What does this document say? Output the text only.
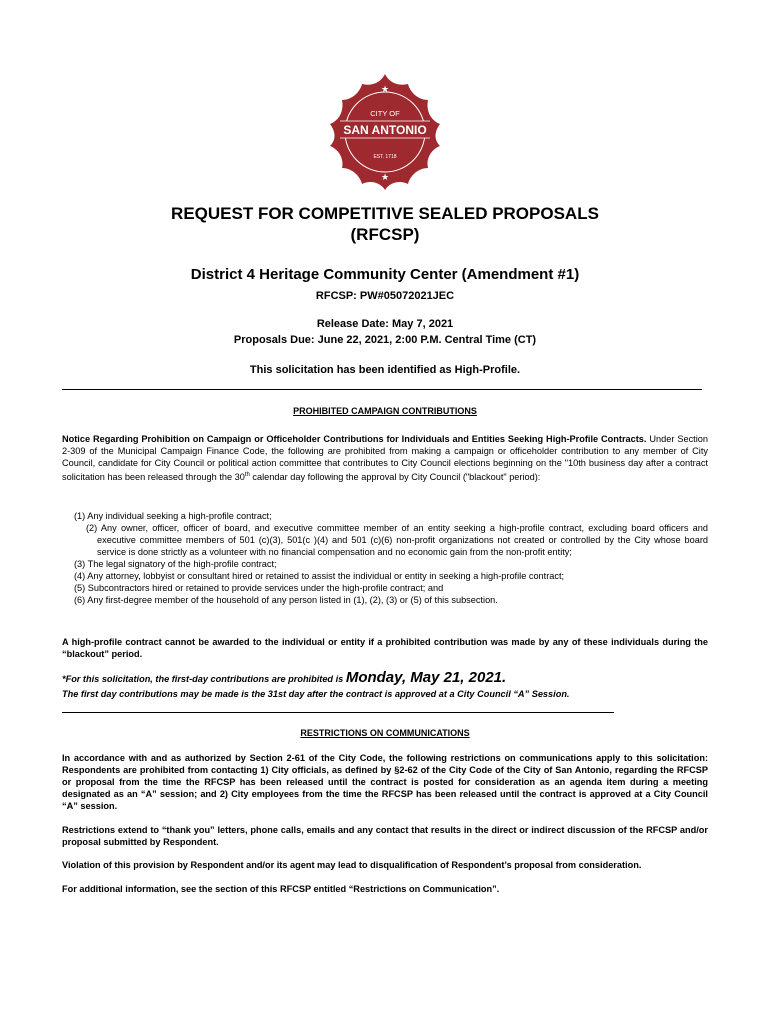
★
★
CITY OF
SAN ANTONIO
EST. 1718
REQUEST FOR COMPETITIVE SEALED PROPOSALS
(RFCSP)
District 4 Heritage Community Center (Amendment #1)
RFCSP: PW#05072021JEC
Release Date: May 7, 2021
Proposals Due: June 22, 2021, 2:00 P.M. Central Time (CT)
This solicitation has been identified as High-Profile.
PROHIBITED CAMPAIGN CONTRIBUTIONS
Notice Regarding Prohibition on Campaign or Officeholder Contributions for Individuals and Entities Seeking High-Profile Contracts. Under Section 2-309 of the Municipal Campaign Finance Code, the following are prohibited from making a campaign or officeholder contribution to any member of City Council, candidate for City Council or political action committee that contributes to City Council elections beginning on the "10th business day after a contract solicitation has been released through the 30th calendar day following the approval by City Council ("blackout" period):
(1) Any individual seeking a high-profile contract;
(2) Any owner, officer, officer of board, and executive committee member of an entity seeking a high-profile contract, excluding board officers and executive committee members of 501 (c)(3), 501(c )(4) and 501 (c)(6) non-profit organizations not created or controlled by the City whose board service is done strictly as a volunteer with no financial compensation and no economic gain from the non-profit entity;
(3) The legal signatory of the high-profile contract;
(4) Any attorney, lobbyist or consultant hired or retained to assist the individual or entity in seeking a high-profile contract;
(5) Subcontractors hired or retained to provide services under the high-profile contract; and
(6) Any first-degree member of the household of any person listed in (1), (2), (3) or (5) of this subsection.
A high-profile contract cannot be awarded to the individual or entity if a prohibited contribution was made by any of these individuals during the “blackout” period.
*For this solicitation, the first-day contributions are prohibited is Monday, May 21, 2021.
The first day contributions may be made is the 31st day after the contract is approved at a City Council “A” Session.
RESTRICTIONS ON COMMUNICATIONS
In accordance with and as authorized by Section 2-61 of the City Code, the following restrictions on communications apply to this solicitation: Respondents are prohibited from contacting 1) City officials, as defined by §2-62 of the City Code of the City of San Antonio, regarding the RFCSP or proposal from the time the RFCSP has been released until the contract is posted for consideration as an agenda item during a meeting designated as an “A” session; and 2) City employees from the time the RFCSP has been released until the contract is approved at a City Council “A” session.
Restrictions extend to “thank you” letters, phone calls, emails and any contact that results in the direct or indirect discussion of the RFCSP and/or proposal submitted by Respondent.
Violation of this provision by Respondent and/or its agent may lead to disqualification of Respondent’s proposal from consideration.
For additional information, see the section of this RFCSP entitled “Restrictions on Communication”.
